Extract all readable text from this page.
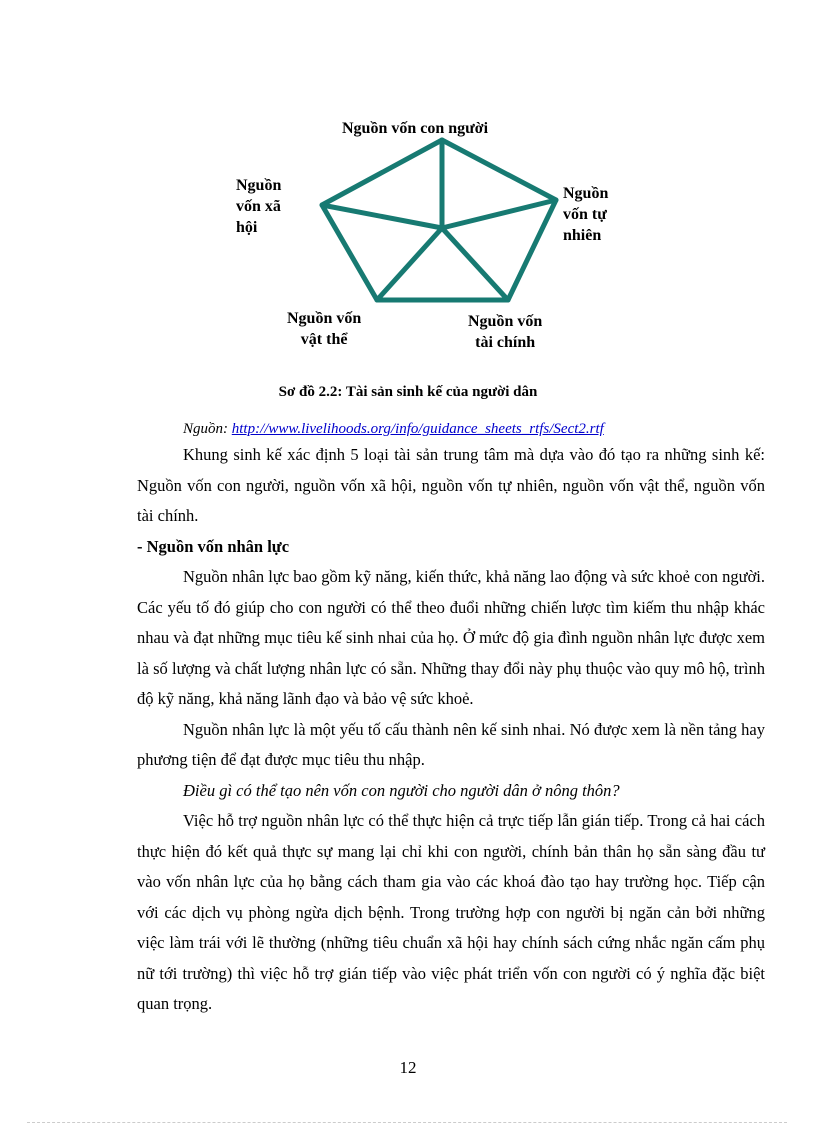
Nguồn vốn con người
Nguồn
vốn xã
hội
Nguồn
vốn tự
nhiên
Nguồn vốn
vật thể
Nguồn vốn
tài chính
Sơ đồ 2.2: Tài sản sinh kế của người dân
Nguồn: http://www.livelihoods.org/info/guidance_sheets_rtfs/Sect2.rtf

Khung sinh kế xác định 5 loại tài sản trung tâm mà dựa vào đó tạo ra những sinh kế: Nguồn vốn con người, nguồn vốn xã hội, nguồn vốn tự nhiên, nguồn vốn vật thể, nguồn vốn tài chính.

- Nguồn vốn nhân lực

Nguồn nhân lực bao gồm kỹ năng, kiến thức, khả năng lao động và sức khoẻ con người. Các yếu tố đó giúp cho con người có thể theo đuổi những chiến lược tìm kiếm thu nhập khác nhau và đạt những mục tiêu kế sinh nhai của họ. Ở mức độ gia đình nguồn nhân lực được xem là số lượng và chất lượng nhân lực có sẵn. Những thay đổi này phụ thuộc vào quy mô hộ, trình độ kỹ năng, khả năng lãnh đạo và bảo vệ sức khoẻ.

Nguồn nhân lực là một yếu tố cấu thành nên kế sinh nhai. Nó được xem là nền tảng hay phương tiện để đạt được mục tiêu thu nhập.

Điều gì có thể tạo nên vốn con người cho người dân ở nông thôn?

Việc hỗ trợ nguồn nhân lực có thể thực hiện cả trực tiếp lẫn gián tiếp. Trong cả hai cách thực hiện đó kết quả thực sự mang lại chỉ khi con người, chính bản thân họ sẵn sàng đầu tư vào vốn nhân lực của họ bằng cách tham gia vào các khoá đào tạo hay trường học. Tiếp cận với các dịch vụ phòng ngừa dịch bệnh. Trong trường hợp con người bị ngăn cản bởi những việc làm trái với lẽ thường (những tiêu chuẩn xã hội hay chính sách cứng nhắc ngăn cấm phụ nữ tới trường) thì việc hỗ trợ gián tiếp vào việc phát triển vốn con người có ý nghĩa đặc biệt quan trọng.

12
